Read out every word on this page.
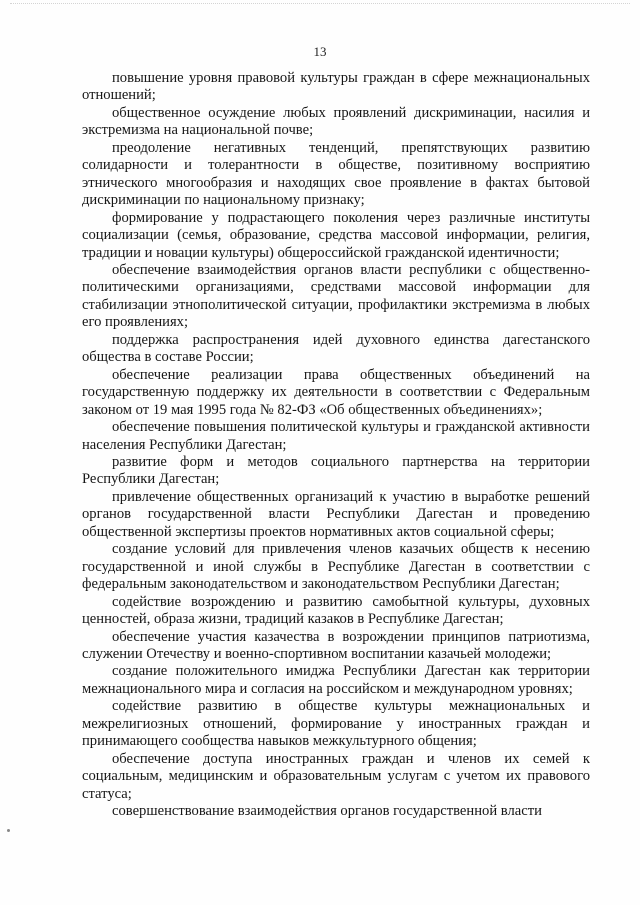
13

повышение уровня правовой культуры граждан в сфере межнациональных отношений;

общественное осуждение любых проявлений дискриминации, насилия и экстремизма на национальной почве;

преодоление негативных тенденций, препятствующих развитию солидарности и толерантности в обществе, позитивному восприятию этнического многообразия и находящих свое проявление в фактах бытовой дискриминации по национальному признаку;

формирование у подрастающего поколения через различные институты социализации (семья, образование, средства массовой информации, религия, традиции и новации культуры) общероссийской гражданской идентичности;

обеспечение взаимодействия органов власти республики с общественно-политическими организациями, средствами массовой информации для стабилизации этнополитической ситуации, профилактики экстремизма в любых его проявлениях;

поддержка распространения идей духовного единства дагестанского общества в составе России;

обеспечение реализации права общественных объединений на государственную поддержку их деятельности в соответствии с Федеральным законом от 19 мая 1995 года № 82-ФЗ «Об общественных объединениях»;

обеспечение повышения политической культуры и гражданской активности населения Республики Дагестан;

развитие форм и методов социального партнерства на территории Республики Дагестан;

привлечение общественных организаций к участию в выработке решений органов государственной власти Республики Дагестан и проведению общественной экспертизы проектов нормативных актов социальной сферы;

создание условий для привлечения членов казачьих обществ к несению государственной и иной службы в Республике Дагестан в соответствии с федеральным законодательством и законодательством Республики Дагестан;

содействие возрождению и развитию самобытной культуры, духовных ценностей, образа жизни, традиций казаков в Республике Дагестан;

обеспечение участия казачества в возрождении принципов патриотизма, служении Отечеству и военно-спортивном воспитании казачьей молодежи;

создание положительного имиджа Республики Дагестан как территории межнационального мира и согласия на российском и международном уровнях;

содействие развитию в обществе культуры межнациональных и межрелигиозных отношений, формирование у иностранных граждан и принимающего сообщества навыков межкультурного общения;

обеспечение доступа иностранных граждан и членов их семей к социальным, медицинским и образовательным услугам с учетом их правового статуса;

совершенствование взаимодействия органов государственной власти
